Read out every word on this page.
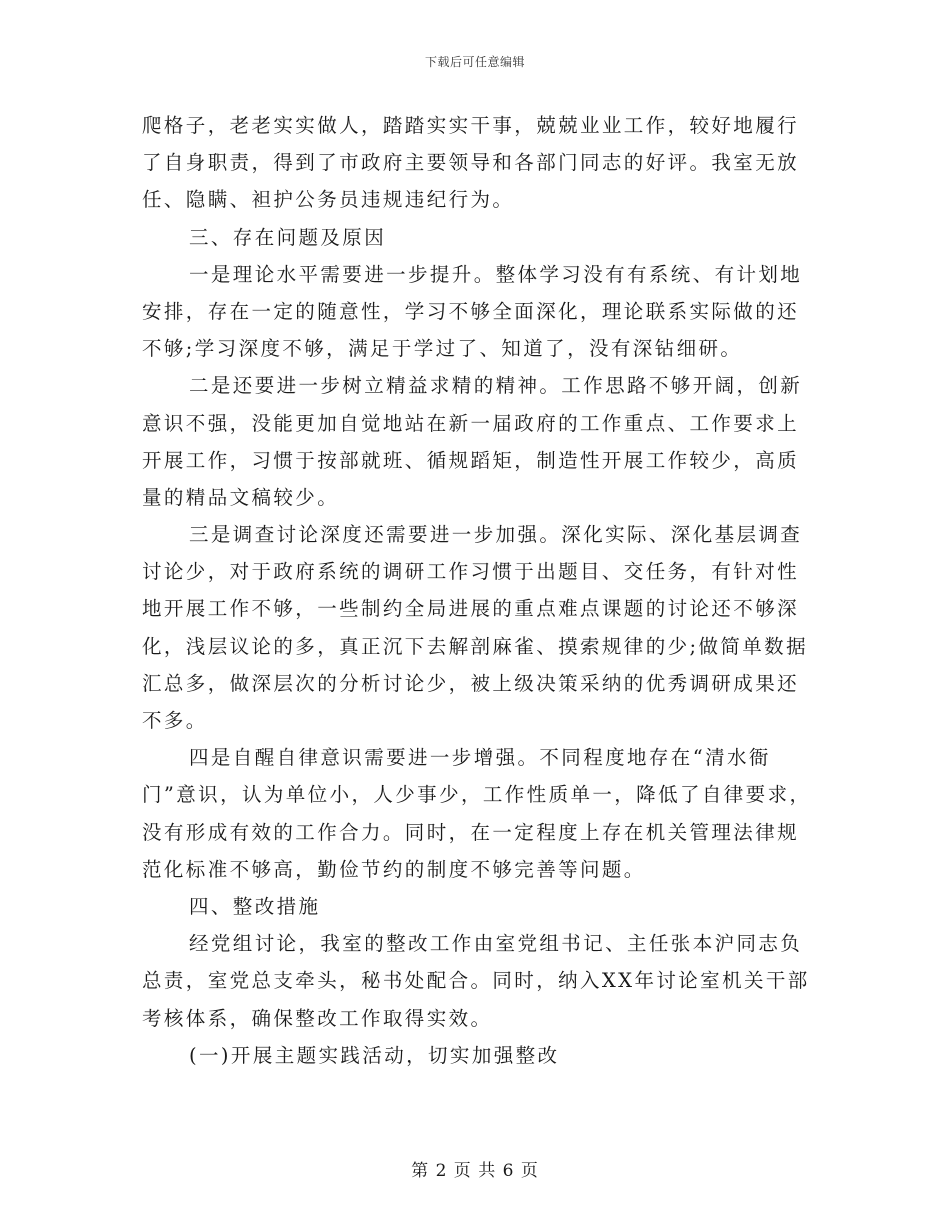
下载后可任意编辑
爬格子，老老实实做人，踏踏实实干事，兢兢业业工作，较好地履行
了自身职责，得到了市政府主要领导和各部门同志的好评。我室无放
任、隐瞒、袒护公务员违规违纪行为。
三、存在问题及原因
一是理论水平需要进一步提升。整体学习没有有系统、有计划地
安排，存在一定的随意性，学习不够全面深化，理论联系实际做的还
不够;学习深度不够，满足于学过了、知道了，没有深钻细研。
二是还要进一步树立精益求精的精神。工作思路不够开阔，创新
意识不强，没能更加自觉地站在新一届政府的工作重点、工作要求上
开展工作，习惯于按部就班、循规蹈矩，制造性开展工作较少，高质
量的精品文稿较少。
三是调查讨论深度还需要进一步加强。深化实际、深化基层调查
讨论少，对于政府系统的调研工作习惯于出题目、交任务，有针对性
地开展工作不够，一些制约全局进展的重点难点课题的讨论还不够深
化，浅层议论的多，真正沉下去解剖麻雀、摸索规律的少;做简单数据
汇总多，做深层次的分析讨论少，被上级决策采纳的优秀调研成果还
不多。
四是自醒自律意识需要进一步增强。不同程度地存在“清水衙
门”意识，认为单位小，人少事少，工作性质单一，降低了自律要求，
没有形成有效的工作合力。同时，在一定程度上存在机关管理法律规
范化标准不够高，勤俭节约的制度不够完善等问题。
四、整改措施
经党组讨论，我室的整改工作由室党组书记、主任张本沪同志负
总责，室党总支牵头，秘书处配合。同时，纳入XX年讨论室机关干部
考核体系，确保整改工作取得实效。
(一)开展主题实践活动，切实加强整改
第 2 页 共 6 页
